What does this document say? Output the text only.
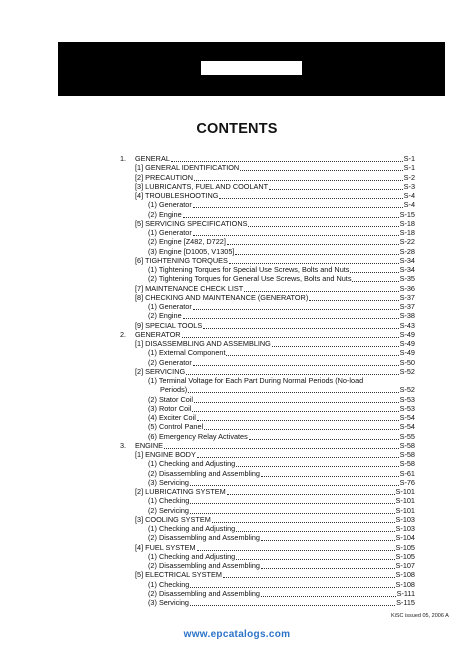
CONTENTS
1. GENERAL	S-1
[1] GENERAL IDENTIFICATION	S-1
[2] PRECAUTION	S-2
[3] LUBRICANTS, FUEL AND COOLANT	S-3
[4] TROUBLESHOOTING	S-4
(1) Generator	S-4
(2) Engine	S-15
[5] SERVICING SPECIFICATIONS	S-18
(1) Generator	S-18
(2) Engine [Z482, D722]	S-22
(3) Engine [D1005, V1305]	S-28
[6] TIGHTENING TORQUES	S-34
(1) Tightening Torques for Special Use Screws, Bolts and Nuts	S-34
(2) Tightening Torques for General Use Screws, Bolts and Nuts	S-35
[7] MAINTENANCE CHECK LIST	S-36
[8] CHECKING AND MAINTENANCE (GENERATOR)	S-37
(1) Generator	S-37
(2) Engine	S-38
[9] SPECIAL TOOLS	S-43
2. GENERATOR	S-49
[1] DISASSEMBLING AND ASSEMBLING	S-49
(1) External Component	S-49
(2) Generator	S-50
[2] SERVICING	S-52
(1) Terminal Voltage for Each Part During Normal Periods (No-load
Periods)	S-52
(2) Stator Coil	S-53
(3) Rotor Coil	S-53
(4) Exciter Coil	S-54
(5) Control Panel	S-54
(6) Emergency Relay Activates	S-55
3. ENGINE	S-58
[1] ENGINE BODY	S-58
(1) Checking and Adjusting	S-58
(2) Disassembling and Assembling	S-61
(3) Servicing	S-76
[2] LUBRICATING SYSTEM	S-101
(1) Checking	S-101
(2) Servicing	S-101
[3] COOLING SYSTEM	S-103
(1) Checking and Adjusting	S-103
(2) Disassembling and Assembling	S-104
[4] FUEL SYSTEM	S-105
(1) Checking and Adjusting	S-105
(2) Disassembling and Assembling	S-107
[5] ELECTRICAL SYSTEM	S-108
(1) Checking	S-108
(2) Disassembling and Assembling	S-111
(3) Servicing	S-115
KiSC issued 05, 2006 A
www.epcatalogs.com
